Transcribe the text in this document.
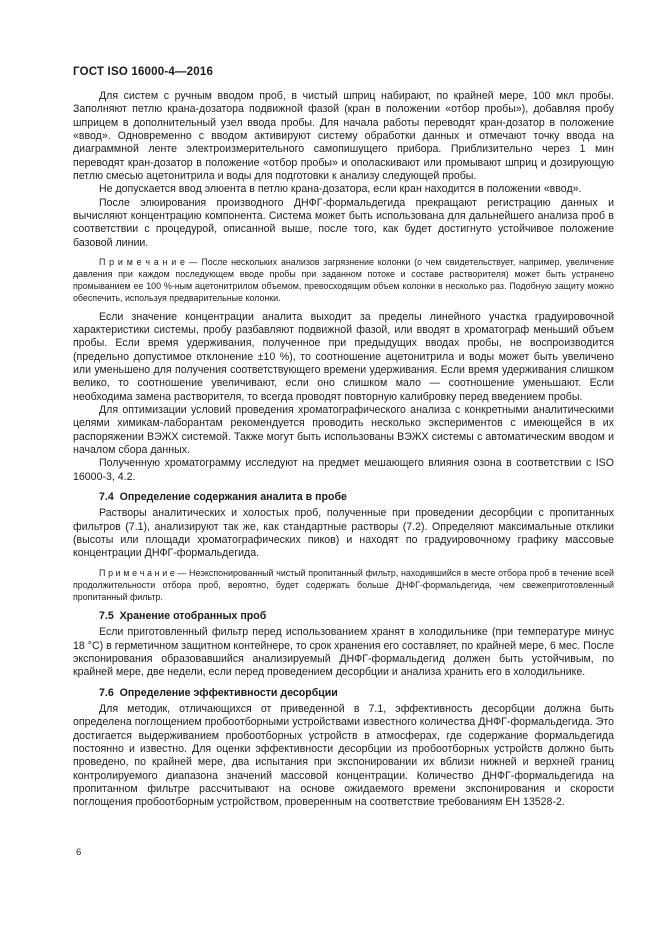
ГОСТ ISO 16000-4—2016

Для систем с ручным вводом проб, в чистый шприц набирают, по крайней мере, 100 мкл пробы. Заполняют петлю крана-дозатора подвижной фазой (кран в положении «отбор пробы»), добавляя пробу шприцем в дополнительный узел ввода пробы. Для начала работы переводят кран-дозатор в положение «ввод». Одновременно с вводом активируют систему обработки данных и отмечают точку ввода на диаграммной ленте электроизмерительного самопишущего прибора. Приблизительно через 1 мин переводят кран-дозатор в положение «отбор пробы» и ополаскивают или промывают шприц и дозирующую петлю смесью ацетонитрила и воды для подготовки к анализу следующей пробы.

Не допускается ввод элюента в петлю крана-дозатора, если кран находится в положении «ввод».

После элюирования производного ДНФГ-формальдегида прекращают регистрацию данных и вычисляют концентрацию компонента. Система может быть использована для дальнейшего анализа проб в соответствии с процедурой, описанной выше, после того, как будет достигнуто устойчивое положение базовой линии.

П р и м е ч а н и е — После нескольких анализов загрязнение колонки (о чем свидетельствует, например, увеличение давления при каждом последующем вводе пробы при заданном потоке и составе растворителя) может быть устранено промыванием ее 100 %-ным ацетонитрилом объемом, превосходящим объем колонки в несколько раз. Подобную защиту можно обеспечить, используя предварительные колонки.

Если значение концентрации аналита выходит за пределы линейного участка градуировочной характеристики системы, пробу разбавляют подвижной фазой, или вводят в хроматограф меньший объем пробы. Если время удерживания, полученное при предыдущих вводах пробы, не воспроизводится (предельно допустимое отклонение ±10 %), то соотношение ацетонитрила и воды может быть увеличено или уменьшено для получения соответствующего времени удерживания. Если время удерживания слишком велико, то соотношение увеличивают, если оно слишком мало — соотношение уменьшают. Если необходима замена растворителя, то всегда проводят повторную калибровку перед введением пробы.

Для оптимизации условий проведения хроматографического анализа с конкретными аналитическими целями химикам-лаборантам рекомендуется проводить несколько экспериментов с имеющейся в их распоряжении ВЭЖХ системой. Также могут быть использованы ВЭЖХ системы с автоматическим вводом и началом сбора данных.

Полученную хроматограмму исследуют на предмет мешающего влияния озона в соответствии с ISO 16000-3, 4.2.

7.4  Определение содержания аналита в пробе

Растворы аналитических и холостых проб, полученные при проведении десорбции с пропитанных фильтров (7.1), анализируют так же, как стандартные растворы (7.2). Определяют максимальные отклики (высоты или площади хроматографических пиков) и находят по градуировочному графику массовые концентрации ДНФГ-формальдегида.

П р и м е ч а н и е — Неэкспонированный чистый пропитанный фильтр, находившийся в месте отбора проб в течение всей продолжительности отбора проб, вероятно, будет содержать больше ДНФГ-формальдегида, чем свежеприготовленный пропитанный фильтр.

7.5  Хранение отобранных проб

Если приготовленный фильтр перед использованием хранят в холодильнике (при температуре минус 18 °С) в герметичном защитном контейнере, то срок хранения его составляет, по крайней мере, 6 мес. После экспонирования образовавшийся анализируемый ДНФГ-формальдегид должен быть устойчивым, по крайней мере, две недели, если перед проведением десорбции и анализа хранить его в холодильнике.

7.6  Определение эффективности десорбции

Для методик, отличающихся от приведенной в 7.1, эффективность десорбции должна быть определена поглощением пробоотборными устройствами известного количества ДНФГ-формальдегида. Это достигается выдерживанием пробоотборных устройств в атмосферах, где содержание формальдегида постоянно и известно. Для оценки эффективности десорбции из пробоотборных устройств должно быть проведено, по крайней мере, два испытания при экспонировании их вблизи нижней и верхней границ контролируемого диапазона значений массовой концентрации. Количество ДНФГ-формальдегида на пропитанном фильтре рассчитывают на основе ожидаемого времени экспонирования и скорости поглощения пробоотборным устройством, проверенным на соответствие требованиям ЕН 13528-2.

6
